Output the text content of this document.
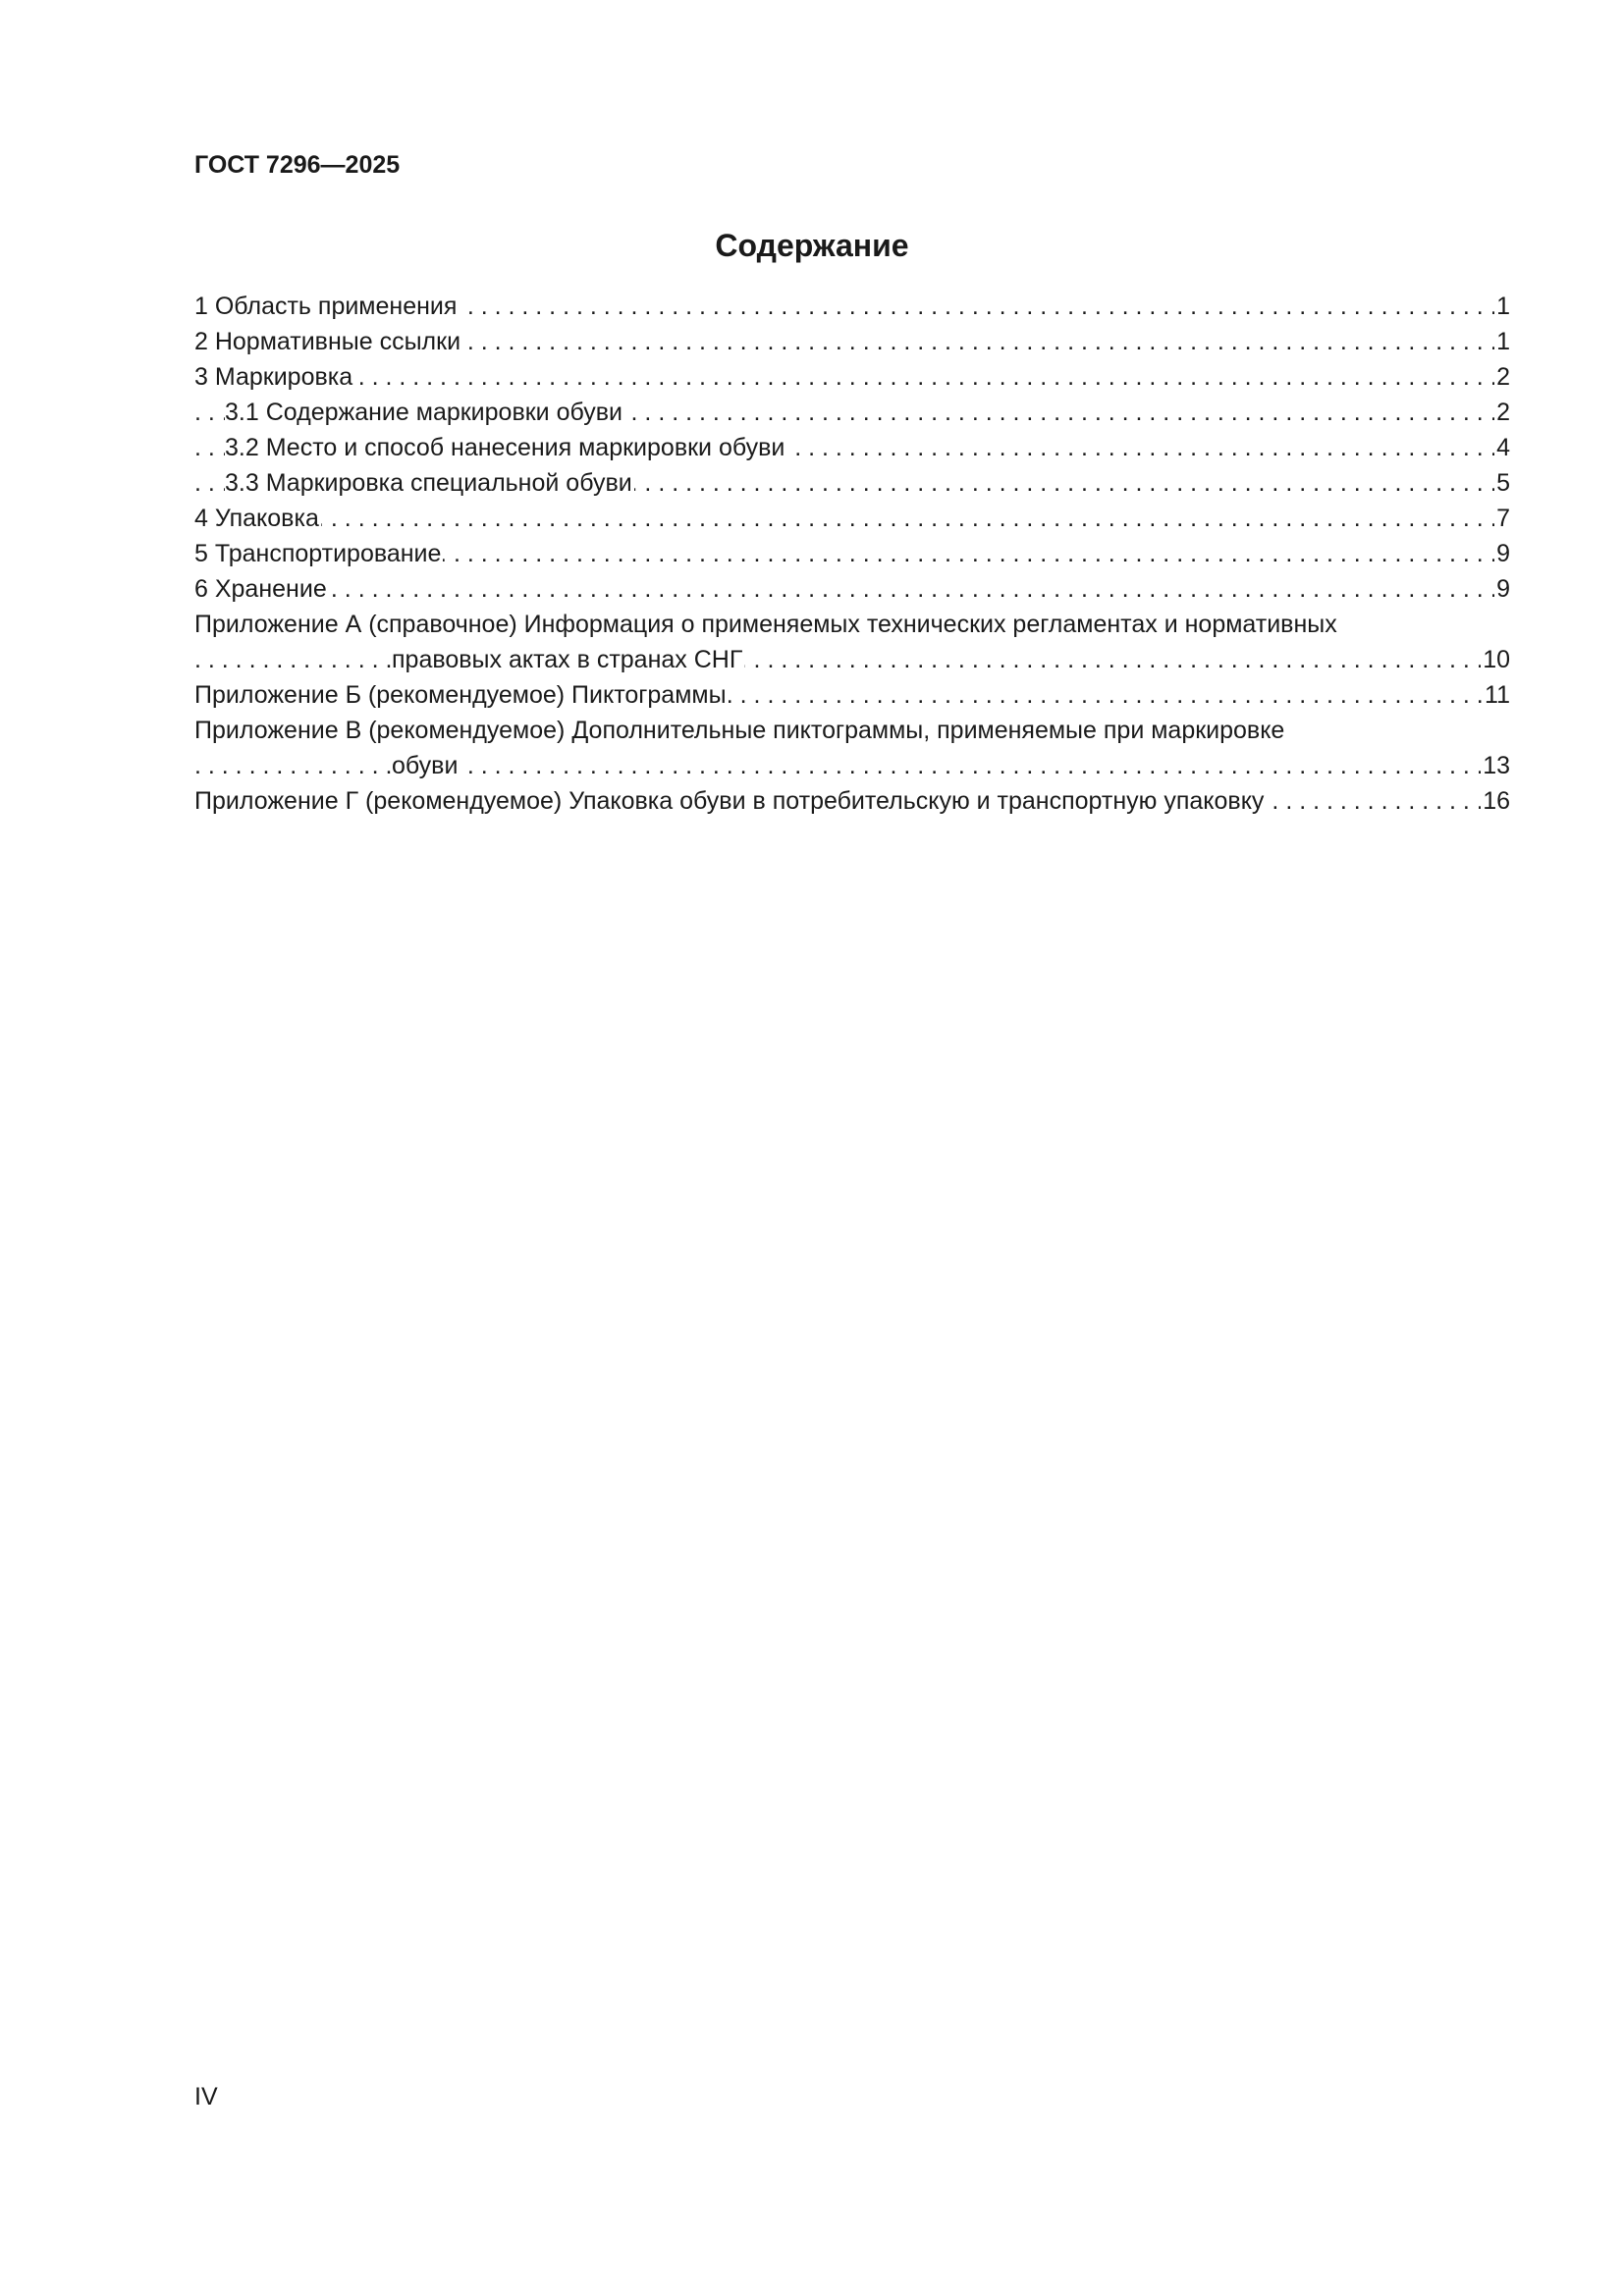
ГОСТ 7296—2025
Содержание
. . .
1 Область применения	1
. . .
2 Нормативные ссылки	1
. . .
3 Маркировка	2
. . .
3.1 Содержание маркировки обуви	2
. . .
3.2 Место и способ нанесения маркировки обуви	4
. . .
3.3 Маркировка специальной обуви	5
. . .
4 Упаковка	7
. . .
5 Транспортирование	9
. . .
6 Хранение	9
Приложение А (справочное) Информация о применяемых технических регламентах и нормативных
. . .
правовых актах в странах СНГ	10
. . .
Приложение Б (рекомендуемое) Пиктограммы	11
Приложение В (рекомендуемое) Дополнительные пиктограммы, применяемые при маркировке
. . .
обуви	13
. . .
Приложение Г (рекомендуемое) Упаковка обуви в потребительскую и транспортную упаковку	16
IV
